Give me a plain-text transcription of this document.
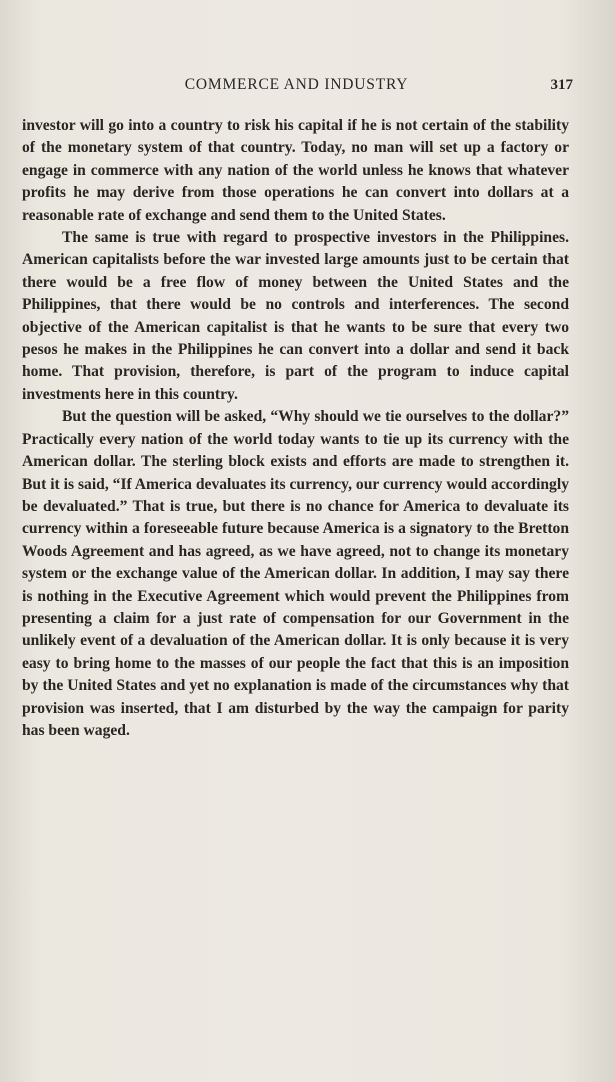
COMMERCE AND INDUSTRY	317

investor will go into a country to risk his capital if he is not certain of the stability of the monetary system of that country. Today, no man will set up a factory or engage in commerce with any nation of the world unless he knows that whatever profits he may derive from those operations he can convert into dollars at a reasonable rate of exchange and send them to the United States.

The same is true with regard to prospective investors in the Philippines. American capitalists before the war invested large amounts just to be certain that there would be a free flow of money between the United States and the Philippines, that there would be no controls and interferences. The second objective of the American capitalist is that he wants to be sure that every two pesos he makes in the Philippines he can convert into a dollar and send it back home. That provision, therefore, is part of the program to induce capital investments here in this country.

But the question will be asked, “Why should we tie ourselves to the dollar?” Practically every nation of the world today wants to tie up its currency with the American dollar. The sterling block exists and efforts are made to strengthen it. But it is said, “If America devaluates its currency, our currency would accordingly be devaluated.” That is true, but there is no chance for America to devaluate its currency within a foreseeable future because America is a signatory to the Bretton Woods Agreement and has agreed, as we have agreed, not to change its monetary system or the exchange value of the American dollar. In addition, I may say there is nothing in the Executive Agreement which would prevent the Philippines from presenting a claim for a just rate of compensation for our Government in the unlikely event of a devaluation of the American dollar. It is only because it is very easy to bring home to the masses of our people the fact that this is an imposition by the United States and yet no explanation is made of the circumstances why that provision was inserted, that I am disturbed by the way the campaign for parity has been waged.
